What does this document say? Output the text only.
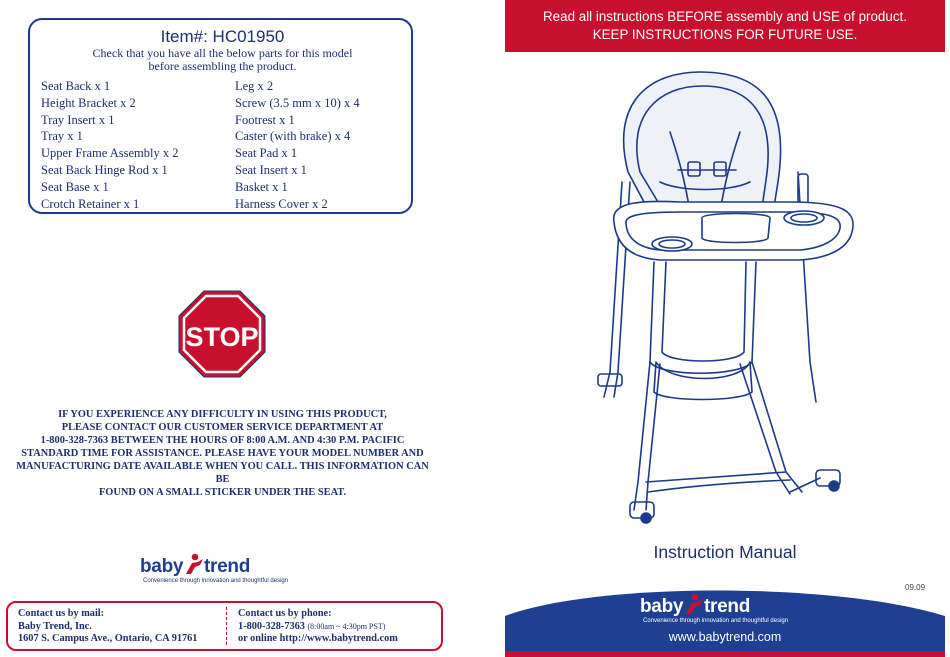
Item#: HC01950
Check that you have all the below parts for this model
before assembling the product.
Seat Back x 1
Height Bracket x 2
Tray Insert x 1
Tray x 1
Upper Frame Assembly x 2
Seat Back Hinge Rod x 1
Seat Base x 1
Crotch Retainer x 1
Leg x 2
Screw (3.5 mm x 10) x 4
Footrest x 1
Caster (with brake) x 4
Seat Pad x 1
Seat Insert x 1
Basket x 1
Harness Cover x 2
STOP
IF YOU EXPERIENCE ANY DIFFICULTY IN USING THIS PRODUCT,
PLEASE CONTACT OUR CUSTOMER SERVICE DEPARTMENT AT
1-800-328-7363 BETWEEN THE HOURS OF 8:00 A.M. AND 4:30 P.M. PACIFIC
STANDARD TIME FOR ASSISTANCE. PLEASE HAVE YOUR MODEL NUMBER AND
MANUFACTURING DATE AVAILABLE WHEN YOU CALL. THIS INFORMATION CAN BE
FOUND ON A SMALL STICKER UNDER THE SEAT.
baby trend
Convenience through innovation and thoughtful design
Contact us by mail:
Baby Trend, Inc.
1607 S. Campus Ave., Ontario, CA 91761
Contact us by phone:
1-800-328-7363 (8:00am ~ 4:30pm PST)
or online http://www.babytrend.com
Read all instructions BEFORE assembly and USE of product.
KEEP INSTRUCTIONS FOR FUTURE USE.
Instruction Manual
09.09
baby trend
Convenience through innovation and thoughtful design
www.babytrend.com
